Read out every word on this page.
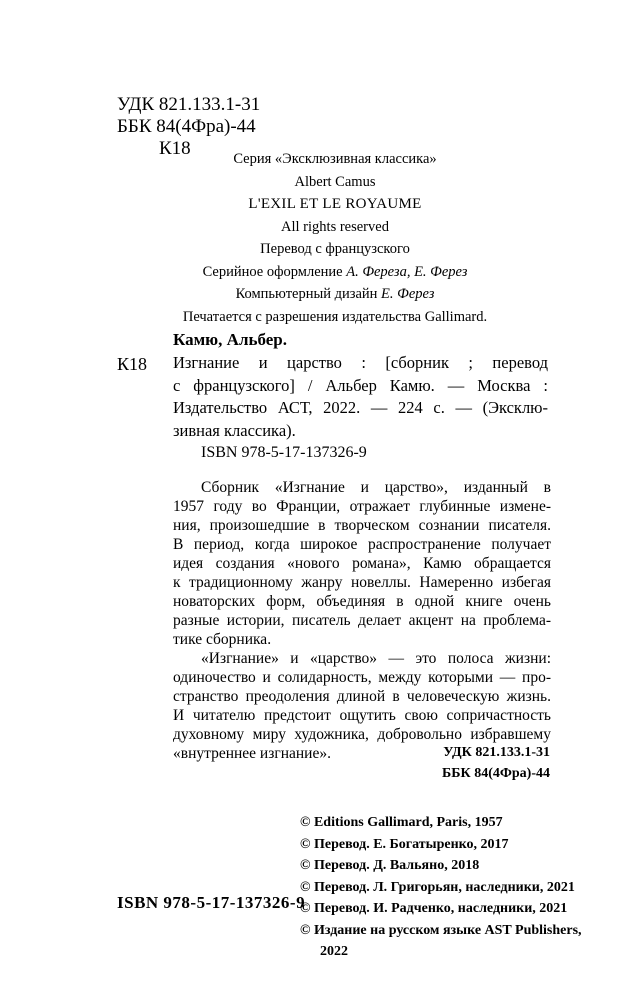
УДК 821.133.1-31
ББК 84(4Фра)-44
К18	Серия «Эксклюзивная классика»
Albert Camus
L'EXIL ET LE ROYAUME
All rights reserved
Перевод с французского
Серийное оформление А. Фереза, Е. Ферез
Компьютерный дизайн Е. Ферез
Печатается с разрешения издательства Gallimard.
Камю, Альбер.
К18 Изгнание и царство : [сборник ; перевод
с французского] / Альбер Камю. — Москва :
Издательство АСТ, 2022. — 224 с. — (Эксклю-
зивная классика).
ISBN 978-5-17-137326-9
Сборник «Изгнание и царство», изданный в
1957 году во Франции, отражает глубинные измене-
ния, произошедшие в творческом сознании писателя.
В период, когда широкое распространение получает
идея создания «нового романа», Камю обращается
к традиционному жанру новеллы. Намеренно избегая
новаторских форм, объединяя в одной книге очень
разные истории, писатель делает акцент на проблема-
тике сборника.
«Изгнание» и «царство» — это полоса жизни:
одиночество и солидарность, между которыми — про-
странство преодоления длиной в человеческую жизнь.
И читателю предстоит ощутить свою сопричастность
духовному миру художника, добровольно избравшему
«внутреннее изгнание».	УДК 821.133.1-31
ББК 84(4Фра)-44
© Editions Gallimard, Paris, 1957
© Перевод. Е. Богатыренко, 2017
© Перевод. Д. Вальяно, 2018
© Перевод. Л. Григорьян, наследники, 2021
© Перевод. И. Радченко, наследники, 2021
© Издание на русском языке AST Publishers,
2022
ISBN 978-5-17-137326-9
